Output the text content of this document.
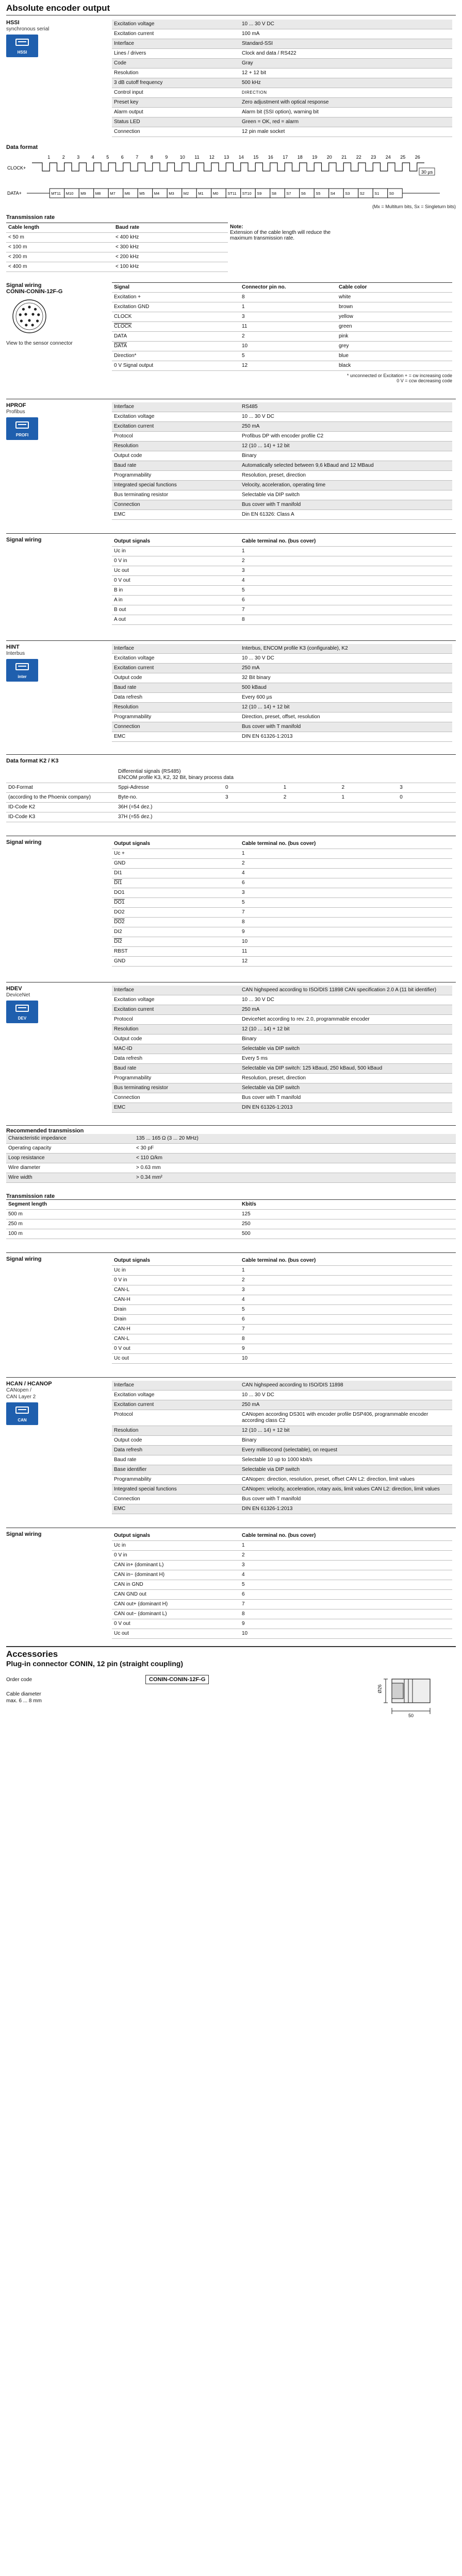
Absolute encoder output
HSSI
synchronous serial
HSSI
Excitation voltage	10 ... 30 V DC
Excitation current	100 mA
Interface	Standard-SSI
Lines / drivers	Clock and data / RS422
Code	Gray
Resolution	12 + 12 bit
3 dB cutoff frequency	500 kHz
Control input	DIRECTION
Preset key	Zero adjustment with optical response
Alarm output	Alarm bit (SSI option), warning bit
Status LED	Green = OK, red = alarm
Connection	12 pin male socket
Data format
CLOCK+
1	2	3	4	5	6	7	8	9	10 11 12 13 14 15 16 17 18 19 20 21 22 23 24 25 26
30 µs
DATA+	MT11 M10 M9 M8 M7 M6 M5 M4 M3 M2 M1 M0 ST11 ST10 S9	S8	S7	S6	S5	S4	S3	S2	S1	S0
(Mx = Multiturn bits, Sx = Singleturn bits)
Transmission rate
Cable length	Baud rate
< 50 m	< 400 kHz
< 100 m	< 300 kHz
< 200 m	< 200 kHz
< 400 m	< 100 kHz
Note:
Extension of the cable length will reduce the maximum transmission rate.
Signal wiring
CONIN-CONIN-12F-G
View to the sensor connector
Signal	Connector pin no.	Cable color
Excitation +	8	white
Excitation GND	1	brown
CLOCK	3	yellow
CLOCK	11	green
DATA	2	pink
DATA	10	grey
Direction*	5	blue
0 V Signal output	12	black
* unconnected or Excitation + = cw increasing code
0 V = ccw decreasing code
HPROF
Profibus
PROFI
Interface	RS485
Excitation voltage	10 ... 30 V DC
Excitation current	250 mA
Protocol	Profibus DP with encoder profile C2
Resolution	12 (10 ... 14) + 12 bit
Output code	Binary
Baud rate	Automatically selected between 9,6 kBaud and 12 MBaud
Programmability	Resolution, preset, direction
Integrated special functions	Velocity, acceleration, operating time
Bus terminating resistor	Selectable via DIP switch
Connection	Bus cover with T manifold
EMC	Din EN 61326: Class A
Signal wiring	Output signals	Cable terminal no. (bus cover)
Uᴄ in	1
0 V in	2
Uᴄ out	3
0 V out	4
B in	5
A in	6
B out	7
A out	8
HINT
Interbus
inter
Interface	Interbus, ENCOM profile K3 (configurable), K2
Excitation voltage	10 ... 30 V DC
Excitation current	250 mA
Output code	32 Bit binary
Baud rate	500 kBaud
Data refresh	Every 600 µs
Resolution	12 (10 ... 14) + 12 bit
Programmability	Direction, preset, offset, resolution
Connection	Bus cover with T manifold
EMC	DIN EN 61326-1:2013
Data format K2 / K3

	Differential signals (RS485)
ENCOM profile K3, K2, 32 Bit, binary process data				

D0-Format	Sppi-Adresse	0	1	2	3
(according to the Phoenix company)	Byte-no.	3	2	1	0
ID-Code K2	36H (=54 dez.)				
ID-Code K3	37H (=55 dez.)				
Signal wiring	Output signals	Cable terminal no. (bus cover)
Uᴄ +	1
GND	2
DI1	4
DI1	6
DO1	3
DO1	5
DO2	7
DO2	8
DI2	9
DI2	10
RBST	11
GND	12
HDEV
DeviceNet
DEV
Interface	CAN highspeed according to ISO/DIS 11898 CAN specification 2.0 A (11 bit identifier)
Excitation voltage	10 ... 30 V DC
Excitation current	250 mA
Protocol	DeviceNet according to rev. 2.0, programmable encoder
Resolution	12 (10 ... 14) + 12 bit
Output code	Binary
MAC-ID	Selectable via DIP switch
Data refresh	Every 5 ms
Baud rate	Selectable via DIP switch: 125 kBaud, 250 kBaud, 500 kBaud
Programmability	Resolution, preset, direction
Bus terminating resistor	Selectable via DIP switch
Connection	Bus cover with T manifold
EMC	DIN EN 61326-1:2013
Recommended transmission
Characteristic impedance	135 ... 165 Ω (3 ... 20 MHz)
Operating capacity	< 30 pF
Loop resistance	< 110 Ω/km
Wire diameter	> 0.63 mm
Wire width	> 0.34 mm²
Transmission rate
Segment length	Kbit/s
500 m	125
250 m	250
100 m	500
Signal wiring	Output signals	Cable terminal no. (bus cover)
Uᴄ in	1
0 V in	2
CAN-L	3
CAN-H	4
Drain	5
Drain	6
CAN-H	7
CAN-L	8
0 V out	9
Uᴄ out	10
HCAN / HCANOP
CANopen /
CAN Layer 2
CAN
Interface	CAN highspeed according to ISO/DIS 11898
Excitation voltage	10 ... 30 V DC
Excitation current	250 mA
Protocol	CANopen according DS301 with encoder profile DSP406, programmable encoder according class C2
Resolution	12 (10 ... 14) + 12 bit
Output code	Binary
Data refresh	Every millisecond (selectable), on request
Baud rate	Selectable 10 up to 1000 kbit/s
Base identifier	Selectable via DIP switch
Programmability	CANopen: direction, resolution, preset, offset CAN L2: direction, limit values
Integrated special functions	CANopen: velocity, acceleration, rotary axis, limit values CAN L2: direction, limit values
Connection	Bus cover with T manifold
EMC	DIN EN 61326-1:2013
Signal wiring	Output signals	Cable terminal no. (bus cover)
Uᴄ in	1
0 V in	2
CAN in+ (dominant L)	3
CAN in− (dominant H)	4
CAN in GND	5
CAN GND out	6
CAN out+ (dominant H)	7
CAN out− (dominant L)	8
0 V out	9
Uᴄ out	10
Accessories
Plug-in connector CONIN, 12 pin (straight coupling)
Order code	CONIN-CONIN-12F-G
Cable diameter
max. 6 ... 8 mm
Ø26
50
